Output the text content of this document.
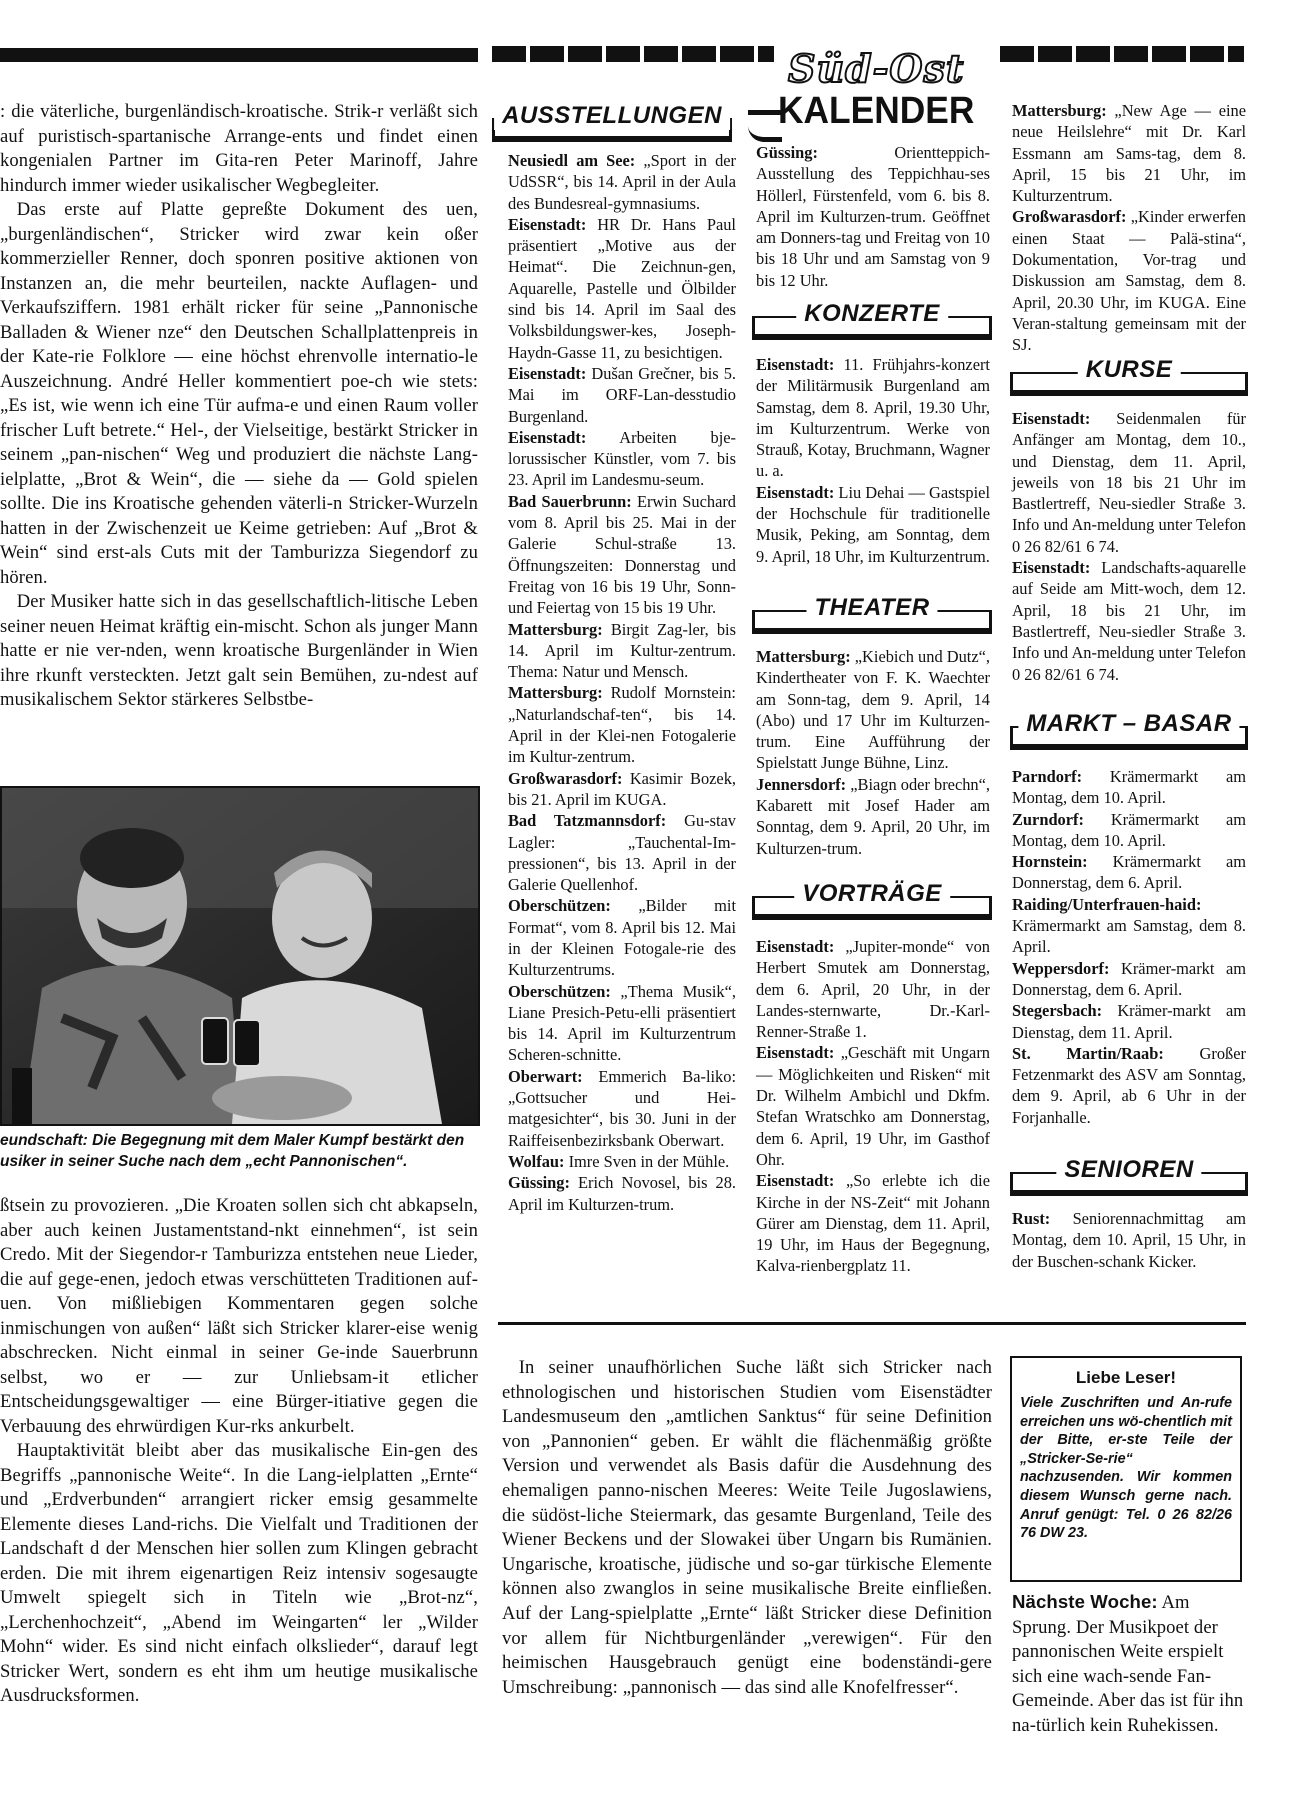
Süd-Ost
KALENDER

: die väterliche, burgenländisch-kroatische. Strik-r verläßt sich auf puristisch-spartanische Arrange-ents und findet einen kongenialen Partner im Gita-ren Peter Marinoff, Jahre hindurch immer wieder usikalischer Wegbegleiter.

Das erste auf Platte gepreßte Dokument des uen, „burgenländischen“, Stricker wird zwar kein oßer kommerzieller Renner, doch sponren positive aktionen von Instanzen an, die mehr beurteilen, nackte Auflagen- und Verkaufsziffern. 1981 erhält ricker für seine „Pannonische Balladen & Wiener nze“ den Deutschen Schallplattenpreis in der Kate-rie Folklore — eine höchst ehrenvolle internatio-le Auszeichnung. André Heller kommentiert poe-ch wie stets: „Es ist, wie wenn ich eine Tür aufma-e und einen Raum voller frischer Luft betrete.“ Hel-, der Vielseitige, bestärkt Stricker in seinem „pan-nischen“ Weg und produziert die nächste Lang-ielplatte, „Brot & Wein“, die — siehe da — Gold spielen sollte. Die ins Kroatische gehenden väterli-n Stricker-Wurzeln hatten in der Zwischenzeit ue Keime getrieben: Auf „Brot & Wein“ sind erst-als Cuts mit der Tamburizza Siegendorf zu hören.

Der Musiker hatte sich in das gesellschaftlich-litische Leben seiner neuen Heimat kräftig ein-mischt. Schon als junger Mann hatte er nie ver-nden, wenn kroatische Burgenländer in Wien ihre rkunft versteckten. Jetzt galt sein Bemühen, zu-ndest auf musikalischem Sektor stärkeres Selbstbe-

eundschaft: Die Begegnung mit dem Maler Kumpf bestärkt den usiker in seiner Suche nach dem „echt Pannonischen“.

ßtsein zu provozieren. „Die Kroaten sollen sich cht abkapseln, aber auch keinen Justamentstand-nkt einnehmen“, ist sein Credo. Mit der Siegendor-r Tamburizza entstehen neue Lieder, die auf gege-enen, jedoch etwas verschütteten Traditionen auf-uen. Von mißliebigen Kommentaren gegen solche inmischungen von außen“ läßt sich Stricker klarer-eise wenig abschrecken. Nicht einmal in seiner Ge-inde Sauerbrunn selbst, wo er — zur Unliebsam-it etlicher Entscheidungsgewaltiger — eine Bürger-itiative gegen die Verbauung des ehrwürdigen Kur-rks ankurbelt.

Hauptaktivität bleibt aber das musikalische Ein-gen des Begriffs „pannonische Weite“. In die Lang-ielplatten „Ernte“ und „Erdverbunden“ arrangiert ricker emsig gesammelte Elemente dieses Land-richs. Die Vielfalt und Traditionen der Landschaft d der Menschen hier sollen zum Klingen gebracht erden. Die mit ihrem eigenartigen Reiz intensiv sogesaugte Umwelt spiegelt sich in Titeln wie „Brot-nz“, „Lerchenhochzeit“, „Abend im Weingarten“ ler „Wilder Mohn“ wider. Es sind nicht einfach olkslieder“, darauf legt Stricker Wert, sondern es eht ihm um heutige musikalische Ausdrucksformen.

AUSSTELLUNGEN
Neusiedl am See: „Sport in der UdSSR“, bis 14. April in der Aula des Bundesreal-gymnasiums.
Eisenstadt: HR Dr. Hans Paul präsentiert „Motive aus der Heimat“. Die Zeichnun-gen, Aquarelle, Pastelle und Ölbilder sind bis 14. April im Saal des Volksbildungswer-kes, Joseph-Haydn-Gasse 11, zu besichtigen.
Eisenstadt: Dušan Grečner, bis 5. Mai im ORF-Lan-desstudio Burgenland.
Eisenstadt: Arbeiten bje-lorussischer Künstler, vom 7. bis 23. April im Landesmu-seum.
Bad Sauerbrunn: Erwin Suchard vom 8. April bis 25. Mai in der Galerie Schul-straße 13. Öffnungszeiten: Donnerstag und Freitag von 16 bis 19 Uhr, Sonn- und Feiertag von 15 bis 19 Uhr.
Mattersburg: Birgit Zag-ler, bis 14. April im Kultur-zentrum. Thema: Natur und Mensch.
Mattersburg: Rudolf Mornstein: „Naturlandschaf-ten“, bis 14. April in der Klei-nen Fotogalerie im Kultur-zentrum.
Großwarasdorf: Kasimir Bozek, bis 21. April im KUGA.
Bad Tatzmannsdorf: Gu-stav Lagler: „Tauchental-Im-pressionen“, bis 13. April in der Galerie Quellenhof.
Oberschützen: „Bilder mit Format“, vom 8. April bis 12. Mai in der Kleinen Fotogale-rie des Kulturzentrums.
Oberschützen: „Thema Musik“, Liane Presich-Petu-elli präsentiert bis 14. April im Kulturzentrum Scheren-schnitte.
Oberwart: Emmerich Ba-liko: „Gottsucher und Hei-matgesichter“, bis 30. Juni in der Raiffeisenbezirksbank Oberwart.
Wolfau: Imre Sven in der Mühle.
Güssing: Erich Novosel, bis 28. April im Kulturzen-trum.
Güssing: Orientteppich-Ausstellung des Teppichhau-ses Höllerl, Fürstenfeld, vom 6. bis 8. April im Kulturzen-trum. Geöffnet am Donners-tag und Freitag von 10 bis 18 Uhr und am Samstag von 9 bis 12 Uhr.
KONZERTE
Eisenstadt: 11. Frühjahrs-konzert der Militärmusik Burgenland am Samstag, dem 8. April, 19.30 Uhr, im Kulturzentrum. Werke von Strauß, Kotay, Bruchmann, Wagner u. a.
Eisenstadt: Liu Dehai — Gastspiel der Hochschule für traditionelle Musik, Peking, am Sonntag, dem 9. April, 18 Uhr, im Kulturzentrum.
THEATER
Mattersburg: „Kiebich und Dutz“, Kindertheater von F. K. Waechter am Sonn-tag, dem 9. April, 14 (Abo) und 17 Uhr im Kulturzen-trum. Eine Aufführung der Spielstatt Junge Bühne, Linz.
Jennersdorf: „Biagn oder brechn“, Kabarett mit Josef Hader am Sonntag, dem 9. April, 20 Uhr, im Kulturzen-trum.
VORTRÄGE
Eisenstadt: „Jupiter-monde“ von Herbert Smutek am Donnerstag, dem 6. April, 20 Uhr, in der Landes-sternwarte, Dr.-Karl-Renner-Straße 1.
Eisenstadt: „Geschäft mit Ungarn — Möglichkeiten und Risken“ mit Dr. Wilhelm Ambichl und Dkfm. Stefan Wratschko am Donnerstag, dem 6. April, 19 Uhr, im Gasthof Ohr.
Eisenstadt: „So erlebte ich die Kirche in der NS-Zeit“ mit Johann Gürer am Dienstag, dem 11. April, 19 Uhr, im Haus der Begegnung, Kalva-rienbergplatz 11.
Mattersburg: „New Age — eine neue Heilslehre“ mit Dr. Karl Essmann am Sams-tag, dem 8. April, 15 bis 21 Uhr, im Kulturzentrum.
Großwarasdorf: „Kinder erwerfen einen Staat — Palä-stina“, Dokumentation, Vor-trag und Diskussion am Samstag, dem 8. April, 20.30 Uhr, im KUGA. Eine Veran-staltung gemeinsam mit der SJ.
KURSE
Eisenstadt: Seidenmalen für Anfänger am Montag, dem 10., und Dienstag, dem 11. April, jeweils von 18 bis 21 Uhr im Bastlertreff, Neu-siedler Straße 3. Info und An-meldung unter Telefon 0 26 82/61 6 74.
Eisenstadt: Landschafts-aquarelle auf Seide am Mitt-woch, dem 12. April, 18 bis 21 Uhr, im Bastlertreff, Neu-siedler Straße 3. Info und An-meldung unter Telefon 0 26 82/61 6 74.
MARKT – BASAR
Parndorf: Krämermarkt am Montag, dem 10. April.
Zurndorf: Krämermarkt am Montag, dem 10. April.
Hornstein: Krämermarkt am Donnerstag, dem 6. April.
Raiding/Unterfrauen-haid: Krämermarkt am Samstag, dem 8. April.
Weppersdorf: Krämer-markt am Donnerstag, dem 6. April.
Stegersbach: Krämer-markt am Dienstag, dem 11. April.
St. Martin/Raab: Großer Fetzenmarkt des ASV am Sonntag, dem 9. April, ab 6 Uhr in der Forjanhalle.
SENIOREN
Rust: Seniorennachmittag am Montag, dem 10. April, 15 Uhr, in der Buschen-schank Kicker.

In seiner unaufhörlichen Suche läßt sich Stricker nach ethnologischen und historischen Studien vom Eisenstädter Landesmuseum den „amtlichen Sanktus“ für seine Definition von „Pannonien“ geben. Er wählt die flächenmäßig größte Version und verwendet als Basis dafür die Ausdehnung des ehemaligen panno-nischen Meeres: Weite Teile Jugoslawiens, die südöst-liche Steiermark, das gesamte Burgenland, Teile des Wiener Beckens und der Slowakei über Ungarn bis Rumänien. Ungarische, kroatische, jüdische und so-gar türkische Elemente können also zwanglos in seine musikalische Breite einfließen. Auf der Lang-spielplatte „Ernte“ läßt Stricker diese Definition vor allem für Nichtburgenländer „verewigen“. Für den heimischen Hausgebrauch genügt eine bodenständi-gere Umschreibung: „pannonisch — das sind alle Knofelfresser“.

Liebe Leser!
Viele Zuschriften und An-rufe erreichen uns wö-chentlich mit der Bitte, er-ste Teile der „Stricker-Se-rie“ nachzusenden. Wir kommen diesem Wunsch gerne nach. Anruf genügt: Tel. 0 26 82/26 76 DW 23.
Nächste Woche: Am Sprung. Der Musikpoet der pannonischen Weite erspielt sich eine wach-sende Fan-Gemeinde. Aber das ist für ihn na-türlich kein Ruhekissen.
